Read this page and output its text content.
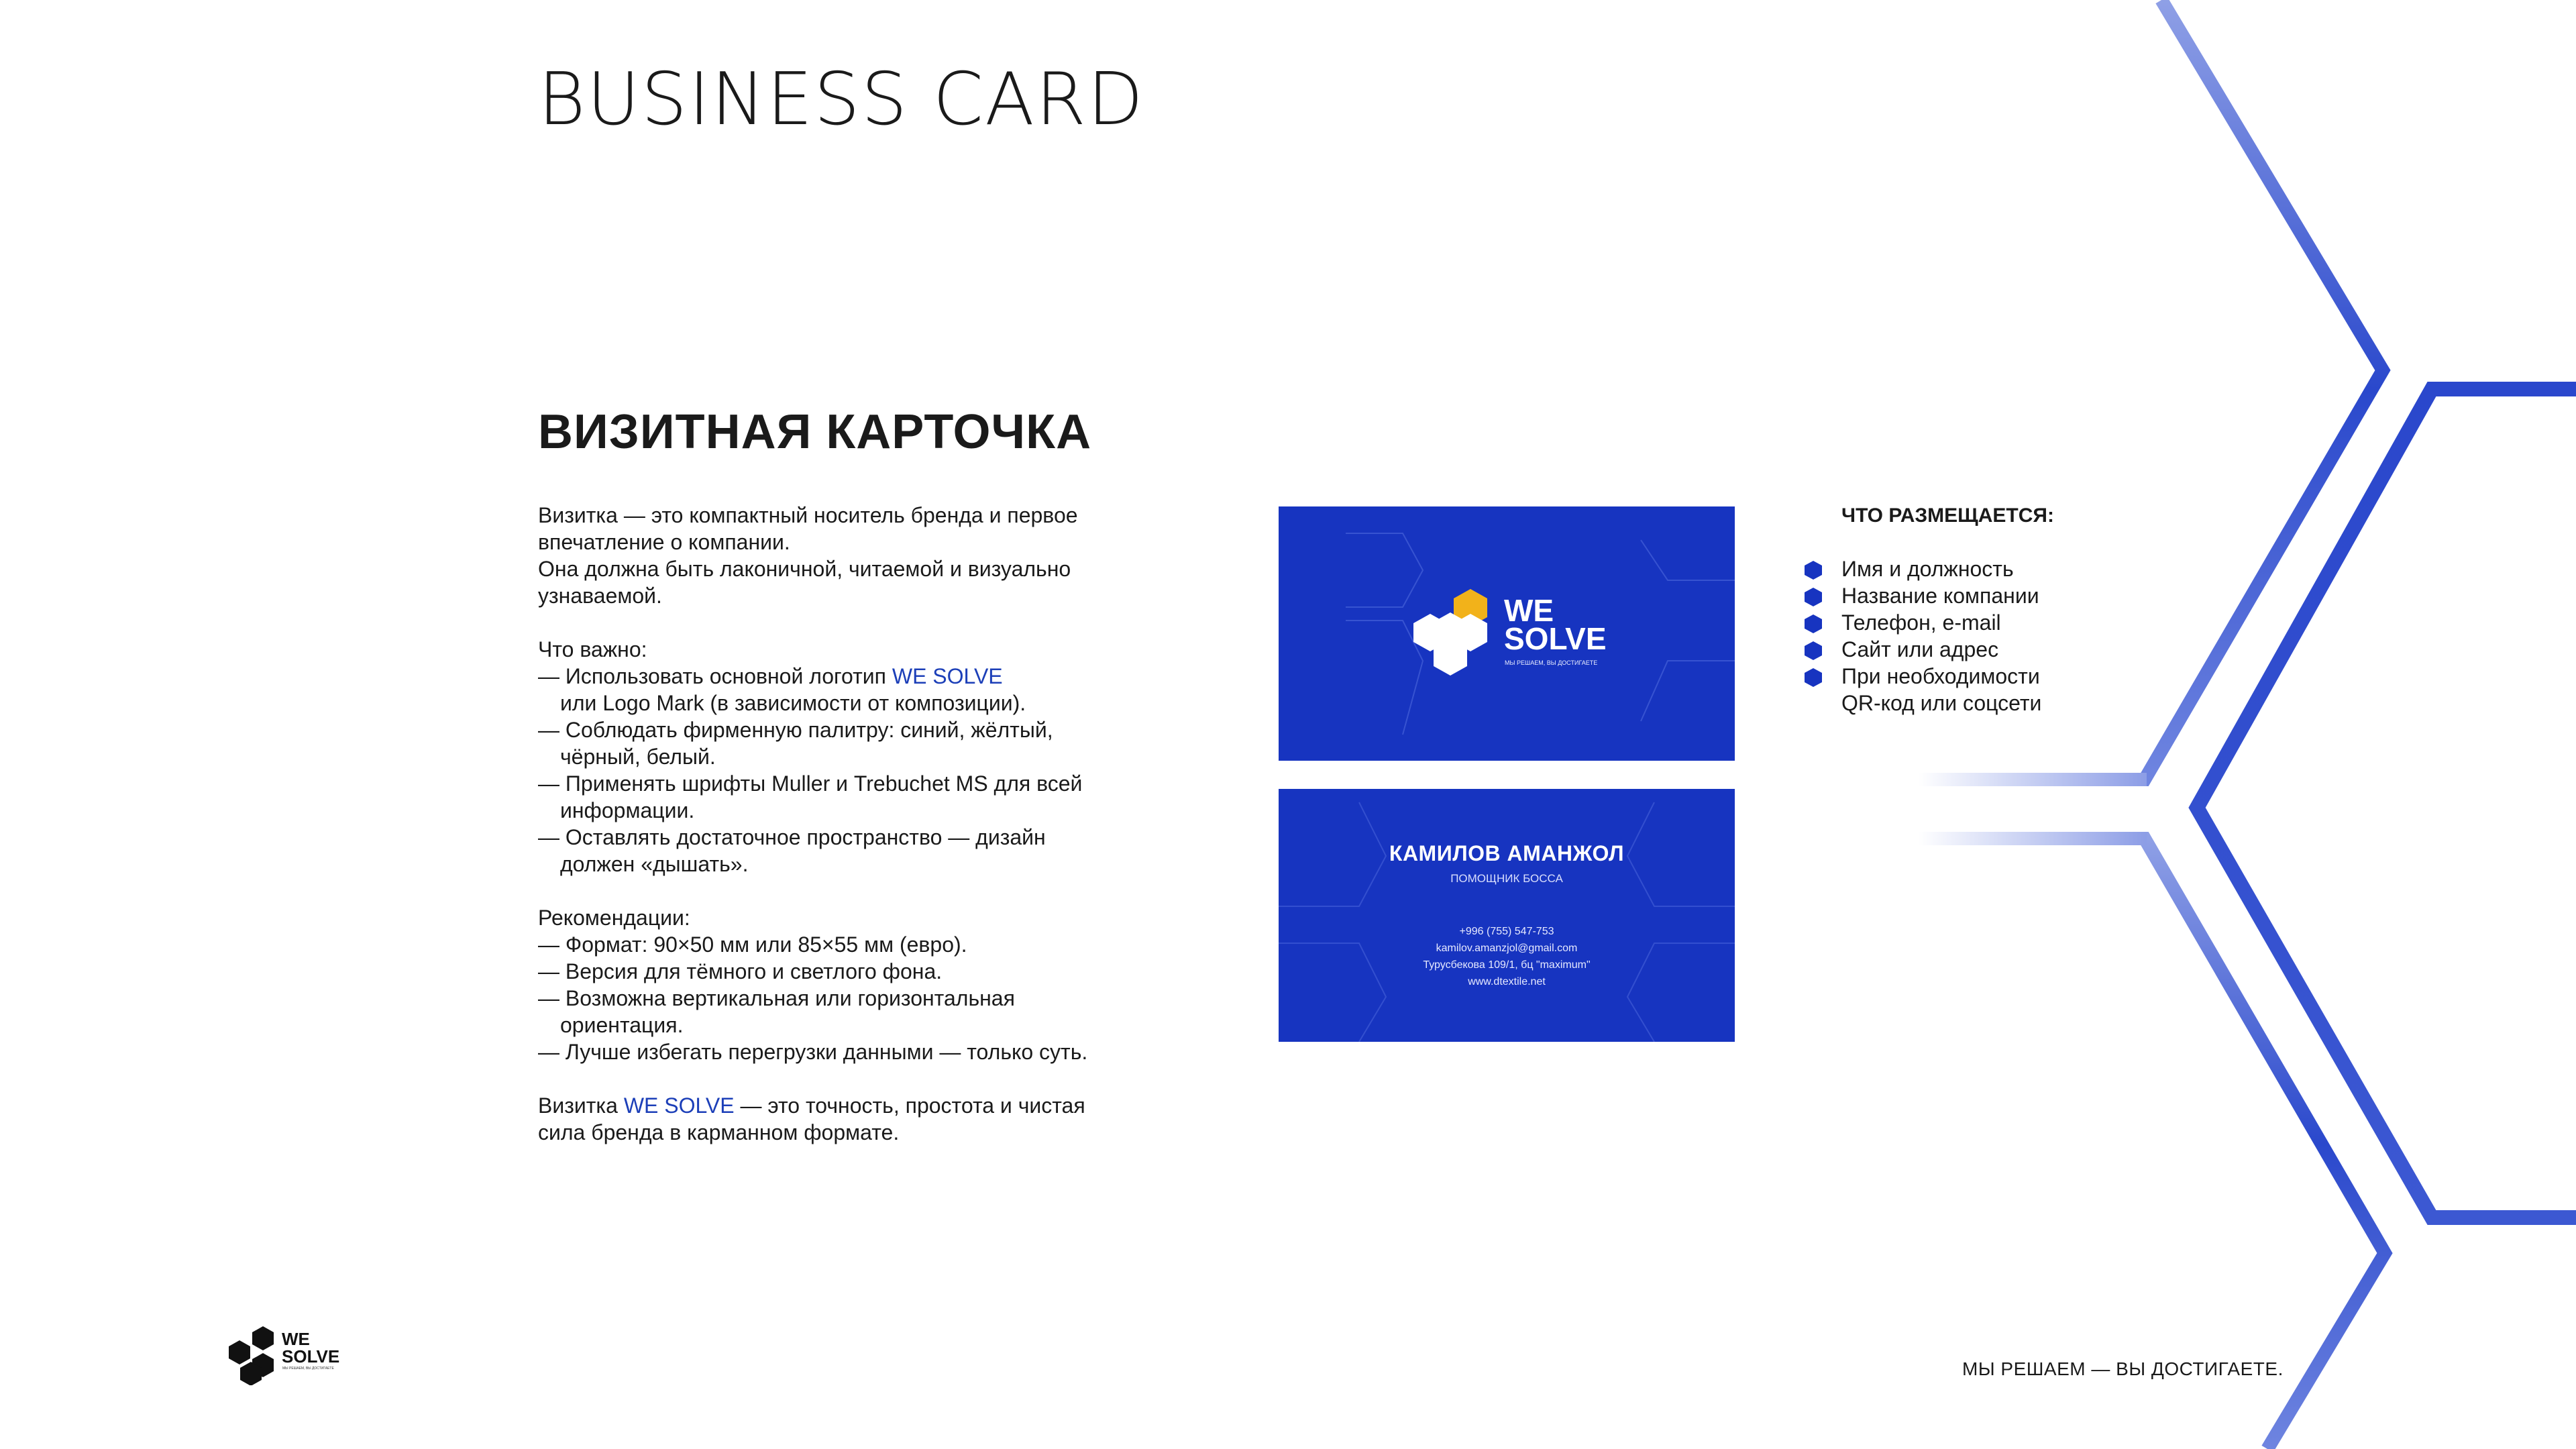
BUSINESS CARD
ВИЗИТНАЯ КАРТОЧКА

Визитка — это компактный носитель бренда и первое впечатление о компании.

Она должна быть лаконичной, читаемой и визуально узнаваемой.

Что важно:

— Использовать основной логотип WE SOLVE

или Logo Mark (в зависимости от композиции).

— Соблюдать фирменную палитру: синий, жёлтый,

чёрный, белый.

— Применять шрифты Muller и Trebuchet MS для всей

информации.

— Оставлять достаточное пространство — дизайн

должен «дышать».

Рекомендации:

— Формат: 90×50 мм или 85×55 мм (евро).

— Версия для тёмного и светлого фона.

— Возможна вертикальная или горизонтальная

ориентация.

— Лучше избегать перегрузки данными — только суть.

Визитка WE SOLVE — это точность, простота и чистая

сила бренда в карманном формате.

WE
SOLVE
МЫ РЕШАЕМ, ВЫ ДОСТИГАЕТЕ
КАМИЛОВ АМАНЖОЛ
ПОМОЩНИК БОССА
+996 (755) 547-753
kamilov.amanzjol@gmail.com
Турусбекова 109/1, бц "maximum"
www.dtextile.net
ЧТО РАЗМЕЩАЕТСЯ:
Имя и должность
Название компании
Телефон, e-mail
Сайт или адрес
При необходимости
QR-код или соцсети
WE
SOLVE
МЫ РЕШАЕМ, ВЫ ДОСТИГАЕТЕ	МЫ РЕШАЕМ — ВЫ ДОСТИГАЕТЕ.
